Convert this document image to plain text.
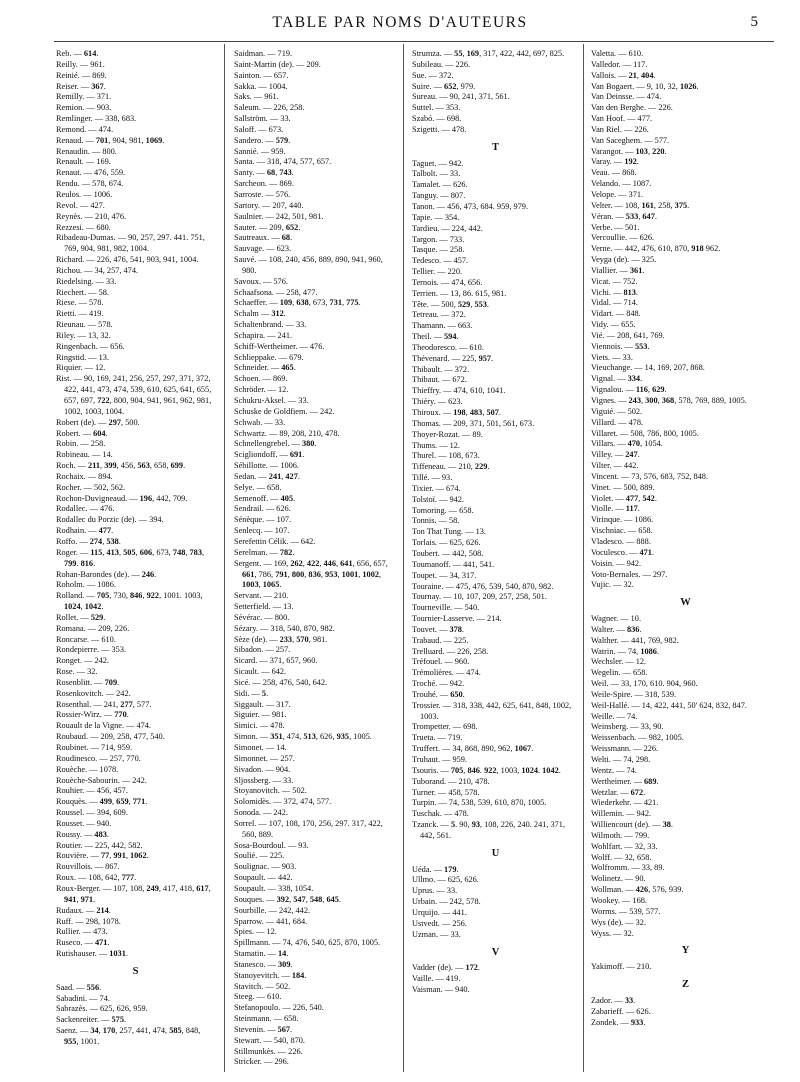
TABLE PAR NOMS D'AUTEURS	5
Reb. — 614.
Reilly. — 961.
Reinié. — 869.
Reiser. — 367.
Remilly. — 371.
Remion. — 903.
Remlinger. — 338, 683.
Remond. — 474.
Renaud. — 701, 904, 981, 1069.
Renaudin. — 800.
Renault. — 169.
Renaut. — 476, 559.
Rendu. — 578, 674.
Reulos. — 1006.
Revol. — 427.
Reynès. — 210, 476.
Rezzesi. — 680.
Ribadeau-Dumas. — 90, 257, 297. 441. 751, 769, 904, 981, 982, 1004.
Richard. — 226, 476, 541, 903, 941, 1004.
Richou. — 34, 257, 474.
Riedelsing. — 33.
Riechert. — 58.
Riese. — 578.
Rietti. — 419.
Rieunau. — 578.
Riley. — 13, 32.
Ringenbach. — 656.
Ringstid. — 13.
Riquier. — 12.
Rist. — 90, 169, 241, 256, 257, 297, 371, 372, 422, 441, 473, 474, 539, 610, 625, 641, 655, 657, 697, 722, 800, 904, 941, 961, 962, 981, 1002, 1003, 1004.
Robert (de). — 297, 500.
Robert. — 604.
Robin. — 258.
Robineau. — 14.
Roch. — 211, 399, 456, 563, 658, 699.
Rochaix. — 894.
Rocher. — 502, 562.
Rochon-Duvigneaud. — 196, 442, 709.
Rodallec. — 476.
Rodallec du Porzic (de). — 394.
Rodhain. — 477.
Roffo. — 274, 538.
Roger. — 115, 413, 505, 606, 673, 748, 783, 799. 816.
Rohan-Barondes (de). — 246.
Roholm. — 1086.
Rolland. — 705, 730, 846, 922, 1001. 1003, 1024, 1042.
Rollet. — 529.
Romana. — 209, 226.
Roncarse. — 610.
Rondepierre. — 353.
Ronget. — 242.
Rose. — 32.
Rosenblitt. — 709.
Rosenkovitch. — 242.
Rosenthal. — 241, 277, 577.
Rossier-Wirz. — 770.
Rouault de la Vigne. — 474.
Roubaud. — 209, 258, 477, 540.
Roubinet. — 714, 959.
Roudinesco. — 257, 770.
Rouèche. — 1078.
Rouèche-Sabourin. — 242.
Rouhier. — 456, 457.
Rouquès. — 499, 659, 771.
Roussel. — 394, 609.
Rousset. — 940.
Roussy. — 483.
Routier. — 225, 442, 582.
Rouvière. — 77, 991, 1062.
Rouvillois. — 867.
Roux. — 108, 642, 777.
Roux-Berger. — 107, 108, 249, 417, 418, 617, 941, 971.
Rudaux. — 214.
Ruff. — 298, 1078.
Rullier. — 473.
Ruseco. — 471.
Rutishauser. — 1031.
S
Saad. — 556.
Sabadini. — 74.
Sabrazès. — 625, 626, 959.
Sackenreiter. — 575.
Saenz. — 34, 170, 257, 441, 474, 585, 848, 955, 1001.
Saidman. — 719.
Saint-Martin (de). — 209.
Sainton. — 657.
Sakka. — 1004.
Saks. — 961.
Saleum. — 226, 258.
Sallström. — 33.
Saloff. — 673.
Sandero. — 579.
Sannié. — 959.
Santa. — 318, 474, 577, 657.
Santy. — 68, 743.
Sarcheon. — 869.
Sarroste. — 576.
Sartory. — 207, 440.
Saulnier. — 242, 501, 981.
Sauter. — 209, 652.
Sautreaux. — 68.
Sauvage. — 623.
Sauvé. — 108, 240, 456, 889, 890, 941, 960, 980.
Savoux. — 576.
Schaafsona. — 258, 477.
Schaeffer. — 109, 638, 673, 731, 775.
Schalm — 312.
Schaltenbrand. — 33.
Schapira. — 241.
Schiff-Wertheimer. — 476.
Schlieppake. — 679.
Schneider. — 465.
Schoen. — 869.
Schröder. — 12.
Schukru-Aksel. — 33.
Schuske de Goldfiem. — 242.
Schwab. — 33.
Schwartz. — 89, 208, 210, 478.
Schnellengrebel. — 380.
Scigliondoff. — 691.
Sébillotte. — 1006.
Sedan. — 241, 427.
Selye. — 658.
Semenoff. — 405.
Sendrail. — 626.
Sénèque. — 107.
Senlecq. — 107.
Serefettin Célik. — 642.
Serelman. — 782.
Sergent. — 169, 262, 422, 446, 641, 656, 657, 661, 786, 791, 800, 836, 953, 1001, 1002, 1003, 1065.
Servant. — 210.
Setterfield. — 13.
Sévérac. — 800.
Sézary. — 318, 540, 870, 982.
Sèze (de). — 233, 570, 981.
Sibadon. — 257.
Sicard. — 371, 657, 960.
Sicault. — 642.
Sicé. — 258, 476, 540, 642.
Sidi. — 5.
Siggault. — 317.
Siguier. — 981.
Simici. — 478.
Simon. — 351, 474, 513, 626, 935, 1005.
Simonet. — 14.
Simonnet. — 257.
Sivadon. — 904.
Sljossberg. — 33.
Stoyanovitch. — 502.
Solomidès. — 372, 474, 577.
Sonoda. — 242.
Sorrel. — 107, 108, 170, 256, 297. 317, 422, 560, 889.
Sosa-Bourdoul. — 93.
Soulié. — 225.
Soulignac. — 903.
Soupault. — 442.
Soupault. — 338, 1054.
Souques. — 392, 547, 548, 645.
Sourbille. — 242, 442.
Sparrow. — 441, 684.
Spies. — 12.
Spillmann. — 74, 476, 540, 625, 870, 1005.
Stamatin. — 14.
Stanesco. — 309.
Stanoyevitch. — 184.
Stavitch. — 502.
Steeg. — 610.
Stefanopoulo. — 226, 540.
Steinmann. — 658.
Stevenin. — 567.
Stewart. — 540, 870.
Stillmunkès. — 226.
Stricker. — 296.
Strumza. — 55, 169, 317, 422, 442, 697, 825.
Subileau. — 226.
Sue. — 372.
Suire. — 652, 979.
Sureau. — 90, 241, 371, 561.
Suttel. — 353.
Szabó. — 698.
Szigetti. — 478.
T
Taguet. — 942.
Talbolt. — 33.
Tamalet. — 626.
Tanguy. — 807.
Tanon. — 456, 473, 684. 959, 979.
Tapie. — 354.
Tardieu. — 224, 442.
Targon. — 733.
Tasque. — 258.
Tedesco. — 457.
Tellier. — 220.
Ternois. — 474, 656.
Terrien. — 13, 86. 615, 981.
Tête. — 500, 529, 553.
Tetreau. — 372.
Thamann. — 663.
Theil. — 594.
Theodoresco. — 610.
Thévenard. — 225, 957.
Thibault. — 372.
Thibaut. — 672.
Thieffry. — 474, 610, 1041.
Thiéry. — 623.
Thiroux. — 198, 483, 507.
Thomas. — 209, 371, 501, 561, 673.
Thoyer-Rozat. — 89.
Thums. — 12.
Thurel. — 108, 673.
Tiffeneau. — 210, 229.
Tillé. — 93.
Tixier. — 674.
Tolstoï. — 942.
Tomoring. — 658.
Tonnis. — 58.
Ton That Tung. — 13.
Torlais. — 625, 626.
Toubert. — 442, 508.
Toumanoff. — 441, 541.
Toupet. — 34, 317.
Touraine. — 475, 476, 539, 540, 870, 982.
Tournay. — 10, 107, 209, 257, 258, 501.
Tourneville. — 540.
Tournier-Lasserve. — 214.
Touvet. — 378.
Trabaud. — 225.
Trelluard. — 226, 258.
Tréfouel. — 960.
Trémolières. — 474.
Troché. — 942.
Trouhé. — 650.
Trossier. — 318, 338, 442, 625, 641, 848, 1002, 1003.
Trompetter. — 698.
Trueta. — 719.
Truffert. — 34, 868, 890, 962, 1067.
Truhaut. — 959.
Tsouris. — 705, 846. 922, 1003, 1024. 1042.
Tuborand. — 210, 478.
Turner. — 458, 578.
Turpin. — 74, 538, 539, 610, 870, 1005.
Tuschak. — 478.
Tzanck. — 5. 90, 93, 108, 226, 240. 241, 371, 442, 561.
U
Uéda. — 179.
Ullmo. — 625, 626.
Uprus. — 33.
Urbain. — 242, 578.
Urquijo. — 441.
Ustvedt. — 256.
Uzman. — 33.
V
Vadder (de). — 172.
Vaille. — 419.
Vaisman. — 940.
Valetta. — 610.
Valledor. — 117.
Vallois. — 21, 404.
Van Bogaert. — 9, 10, 32, 1026.
Van Deinsse. — 474.
Van den Berghe. — 226.
Van Hoof. — 477.
Van Riel. — 226.
Van Saceghem. — 577.
Varangot. — 103, 220.
Varay. — 192.
Veau. — 868.
Velando. — 1087.
Velope. — 371.
Velter. — 108, 161, 258, 375.
Véran. — 533, 647.
Verbe. — 501.
Vercoullie. — 626.
Verne. — 442, 476, 610, 870, 918 962.
Veyga (de). — 325.
Viallier. — 361.
Vicat. — 752.
Vichi. — 813.
Vidal. — 714.
Vidart. — 848.
Vidy. — 655.
Vié. — 208, 641, 769.
Viennois. — 553.
Viets. — 33.
Vieuchange. — 14, 169, 207, 868.
Vignal. — 334.
Vignalou. — 116, 629.
Vignes. — 243, 300, 368, 578, 769, 889, 1005.
Viguié. — 502.
Villard. — 478.
Villaret. — 508, 786, 800, 1005.
Villars. — 470, 1054.
Villey. — 247.
Vilter. — 442.
Vincent. — 73, 576, 683, 752, 848.
Vinet. — 500, 889.
Violet. — 477, 542.
Violle. — 117.
Virinque. — 1086.
Vischniac. — 658.
Vladesco. — 888.
Voculesco. — 471.
Voisin. — 942.
Voto-Bernales. — 297.
Vujic. — 32.
W
Wagner. — 10.
Walter. — 836.
Walther. — 441, 769, 982.
Watrin. — 74, 1086.
Wechsler. — 12.
Wegelin. — 658.
Weil. — 33, 170, 610. 904, 960.
Weile-Spire. — 318, 539.
Weil-Hallé. — 14, 422, 441, 50' 624, 832, 847.
Weille. — 74.
Weinsberg. — 33, 90.
Weissenbach. — 982, 1005.
Weissmann. — 226.
Welti. — 74, 298.
Wentz. — 74.
Wertheimer. — 689.
Wetzlar. — 672.
Wiederkehr. — 421.
Willemin. — 942.
Williencourt (de). — 38.
Wilmoth. — 799.
Wohlfart. — 32, 33.
Wolff. — 32, 658.
Wolfromm. — 33, 89.
Wolinetz. — 90.
Wollman. — 426, 576, 939.
Wookey. — 168.
Worms. — 539, 577.
Wys (de). — 32.
Wyss. — 32.
Y
Yakimoff. — 210.
Z
Zador. — 33.
Zabarieff. — 626.
Zondek. — 933.
